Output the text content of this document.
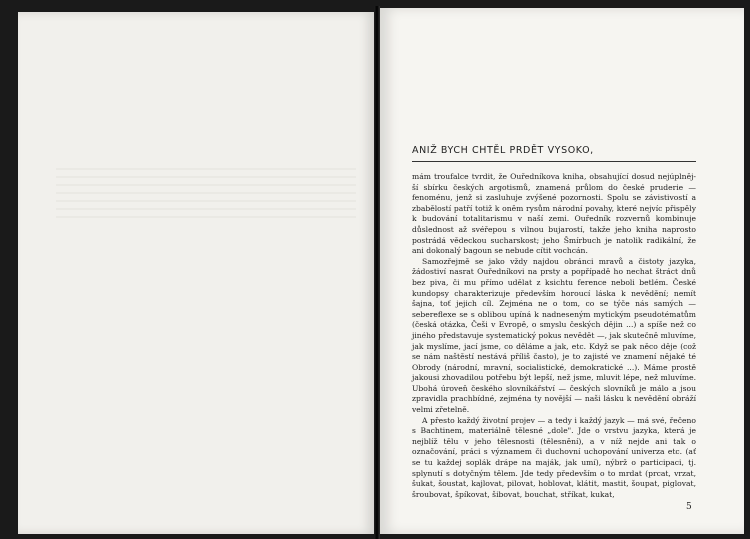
ANIŽ BYCH CHTĚL PRDĚT VYSOKO,

mám troufalce tvrdit, že Ouředníkova kniha, obsahující dosud nejúplněj-ší sbírku českých argotismů, znamená průlom do české pruderie — fenoménu, jenž si zasluhuje zvýšené pozornosti. Spolu se závistivostí a zbabělostí patří totiž k oněm rysům národní povahy, které nejvíc přispěly k budování totalitarismu v naší zemi. Ouředník rozvernů kombinuje důslednost až svéřepou s vilnou bujarostí, takže jeho kniha naprosto postrádá vědeckou sucharskost; jeho Šmírbuch je natolik radikální, že ani dokonalý bagoun se nebude cítit vochcán.

Samozřejmě se jako vždy najdou obránci mravů a čistoty jazyka, žádostiví nasrat Ouředníkovi na prsty a popřípadě ho nechat štráct dnů bez piva, či mu přímo udělat z ksichtu ference neboli betlém. České kundopsy charakterizuje především horoucí láska k nevědění; nemít šajna, toť jejich cíl. Zejména ne o tom, co se týče nás samých — sebereflexe se s oblibou upíná k nadneseným mytickým pseudotématům (česká otázka, Češi v Evropě, o smyslu českých dějin ...) a spíše než co jiného představuje systematický pokus nevědět —, jak skutečně mluvíme, jak myslíme, jací jsme, co děláme a jak, etc. Když se pak něco děje (což se nám naštěstí nestává příliš často), je to zajisté ve znamení nějaké té Obrody (národní, mravní, socialistické, demokratické ...). Máme prostě jakousi zhovadilou potřebu být lepší, než jsme, mluvit lépe, než mluvíme. Ubohá úroveň českého slovníkářství — českých slovníků je málo a jsou zpravidla prachbídné, zejména ty novější — naši lásku k nevědění obráží velmi zřetelně.

A přesto každý životní projev — a tedy i každý jazyk — má své, řečeno s Bachtinem, materiálně tělesné „dole". Jde o vrstvu jazyka, která je nejblíž tělu v jeho tělesnosti (tělesnění), a v níž nejde ani tak o označování, práci s významem či duchovní uchopování univerza etc. (ať se tu každej soplák drápe na maják, jak umí), nýbrž o participaci, tj. splynutí s dotyčným tělem. Jde tedy především o to mrdat (prcat, vrzat, šukat, šoustat, kajlovat, pilovat, hoblovat, klátit, mastit, šoupat, piglovat, šroubovat, špíkovat, šibovat, bouchat, stříkat, kukat,

5
